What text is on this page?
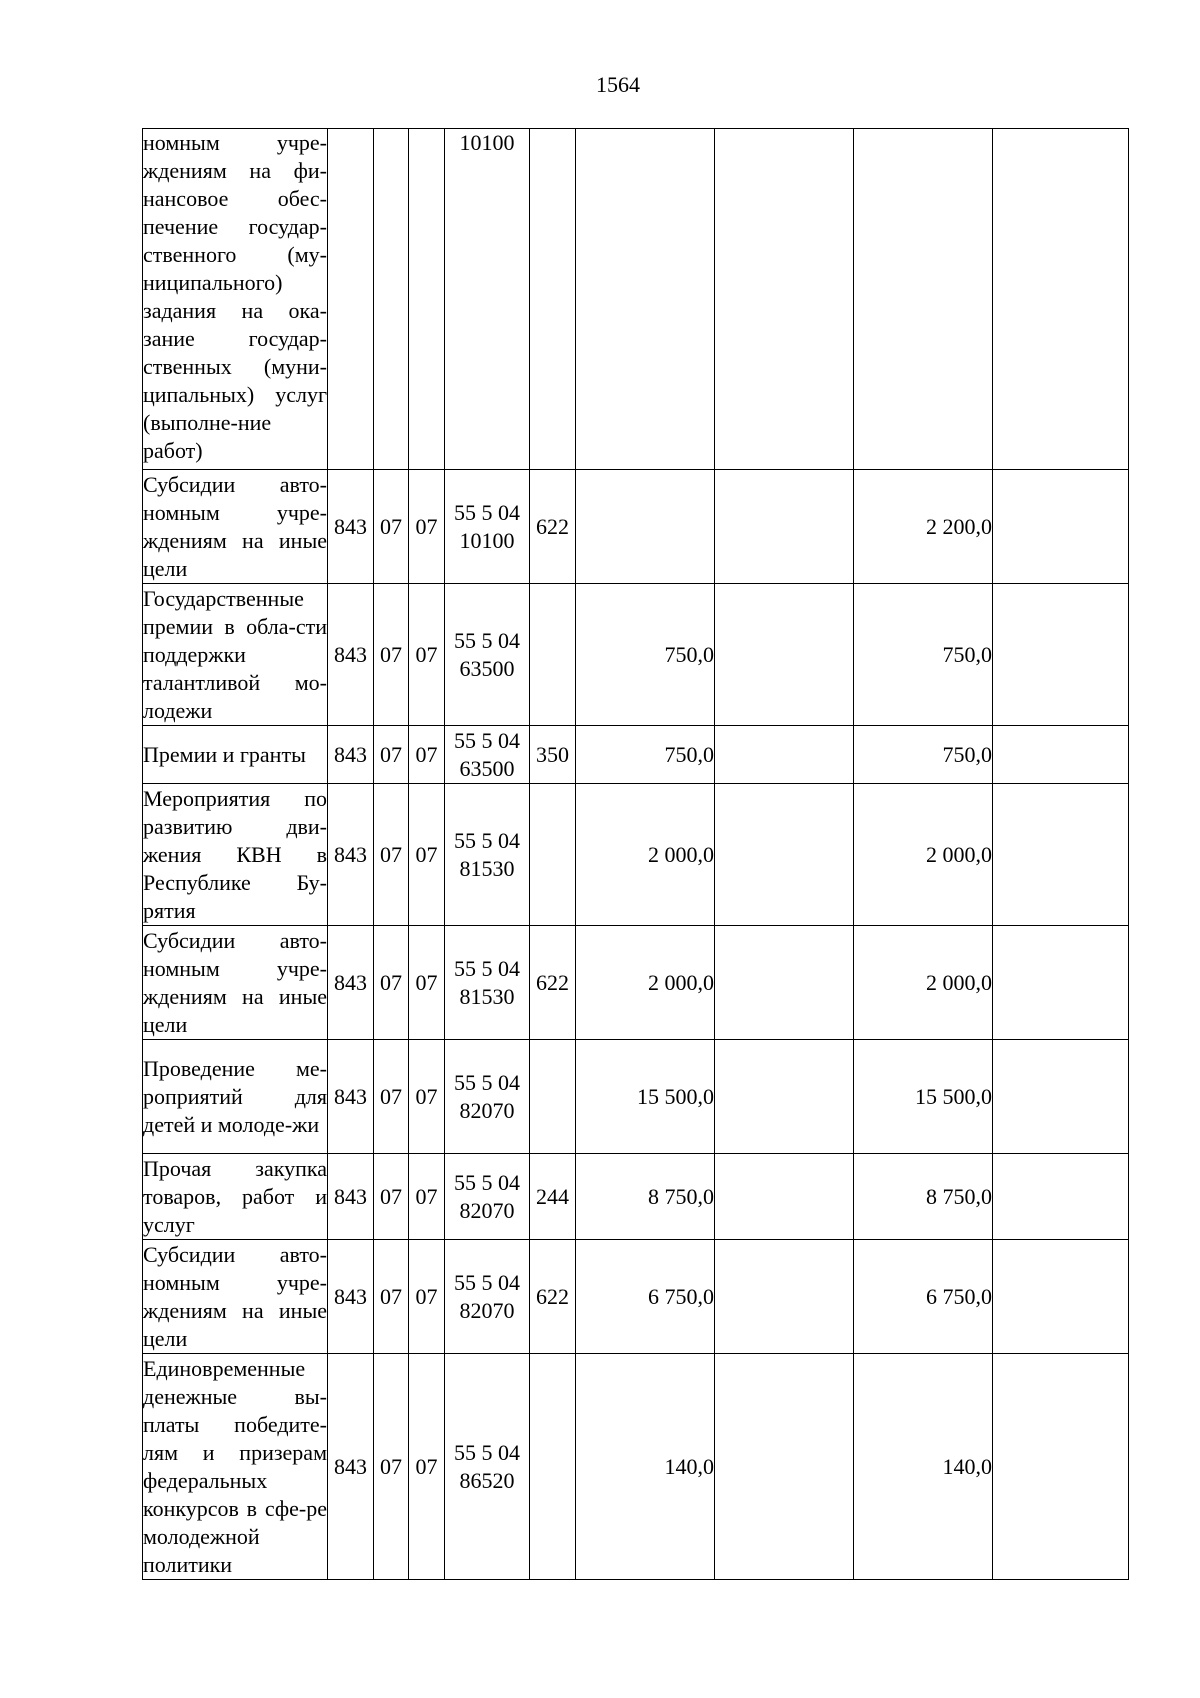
1564
номным учре-ждениям на фи-нансовое обес-печение государ-ственного (му-ниципального) задания на ока-зание государ-ственных (муни-ципальных) услуг (выполне-ние работ)				10100					

Субсидии авто-номным учре-ждениям на иные цели	843	07	07	55 5 04
10100	622			2 200,0	
Государственные премии в обла-сти поддержки талантливой мо-лодежи	843	07	07	55 5 04
63500		750,0		750,0	
Премии и гранты	843	07	07	55 5 04
63500	350	750,0		750,0	
Мероприятия по развитию дви-жения КВН в Республике Бу-рятия	843	07	07	55 5 04
81530		2 000,0		2 000,0	
Субсидии авто-номным учре-ждениям на иные цели	843	07	07	55 5 04
81530	622	2 000,0		2 000,0	
Проведение ме-роприятий для детей и молоде-жи	843	07	07	55 5 04
82070		15 500,0		15 500,0	
Прочая закупка товаров, работ и услуг	843	07	07	55 5 04
82070	244	8 750,0		8 750,0	
Субсидии авто-номным учре-ждениям на иные цели	843	07	07	55 5 04
82070	622	6 750,0		6 750,0	
Единовременные денежные вы-платы победите-лям и призерам федеральных конкурсов в сфе-ре молодежной политики	843	07	07	55 5 04
86520		140,0		140,0	
